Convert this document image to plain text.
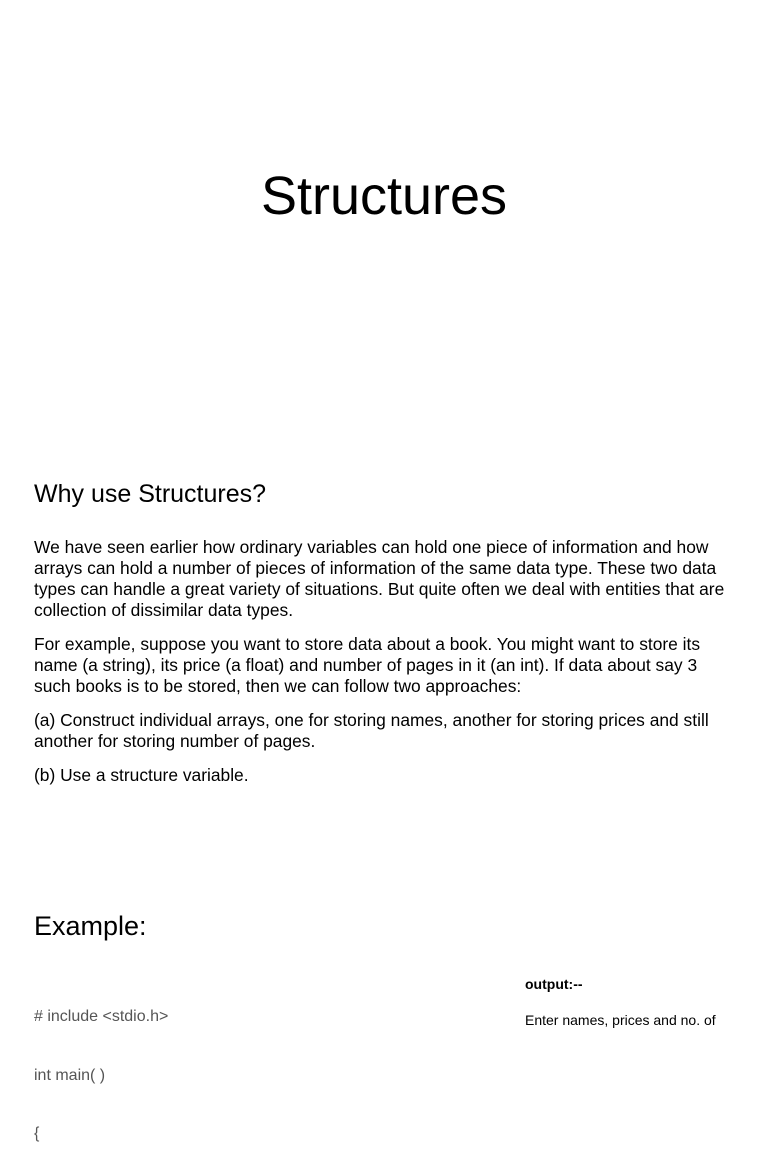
Structures
Why use Structures?

We have seen earlier how ordinary variables can hold one piece of information and how arrays can hold a number of pieces of information of the same data type. These two data types can handle a great variety of situations. But quite often we deal with entities that are collection of dissimilar data types.

For example, suppose you want to store data about a book. You might want to store its name (a string), its price (a float) and number of pages in it (an int). If data about say 3 such books is to be stored, then we can follow two approaches:

(a) Construct individual arrays, one for storing names, another for storing prices and still another for storing number of pages.

(b) Use a structure variable.

Example:

# include <stdio.h>

int main( )

{

output:--

Enter names, prices and no. of
